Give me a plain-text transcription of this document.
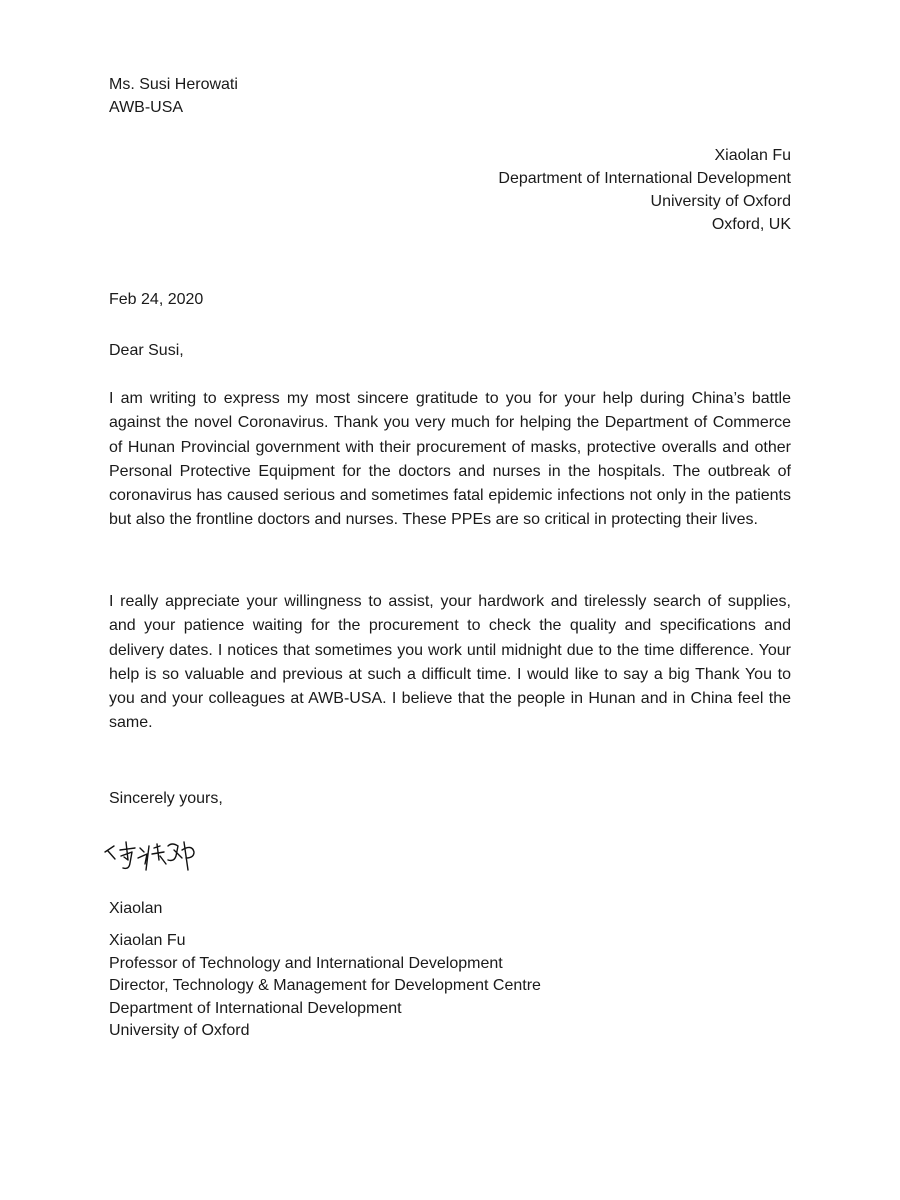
Ms. Susi Herowati
AWB-USA
Xiaolan Fu
Department of International Development
University of Oxford
Oxford, UK
Feb 24, 2020
Dear Susi,
I am writing to express my most sincere gratitude to you for your help during China’s battle against the novel Coronavirus. Thank you very much for helping the Department of Commerce of Hunan Provincial government with their procurement of masks, protective overalls and other Personal Protective Equipment for the doctors and nurses in the hospitals. The outbreak of coronavirus has caused serious and sometimes fatal epidemic infections not only in the patients but also the frontline doctors and nurses. These PPEs are so critical in protecting their lives.
I really appreciate your willingness to assist, your hardwork and tirelessly search of supplies, and your patience waiting for the procurement to check the quality and specifications and delivery dates. I notices that sometimes you work until midnight due to the time difference. Your help is so valuable and previous at such a difficult time. I would like to say a big Thank You to you and your colleagues at AWB-USA. I believe that the people in Hunan and in China feel the same.
Sincerely yours,
Xiaolan
Xiaolan Fu
Professor of Technology and International Development
Director, Technology & Management for Development Centre
Department of International Development
University of Oxford
